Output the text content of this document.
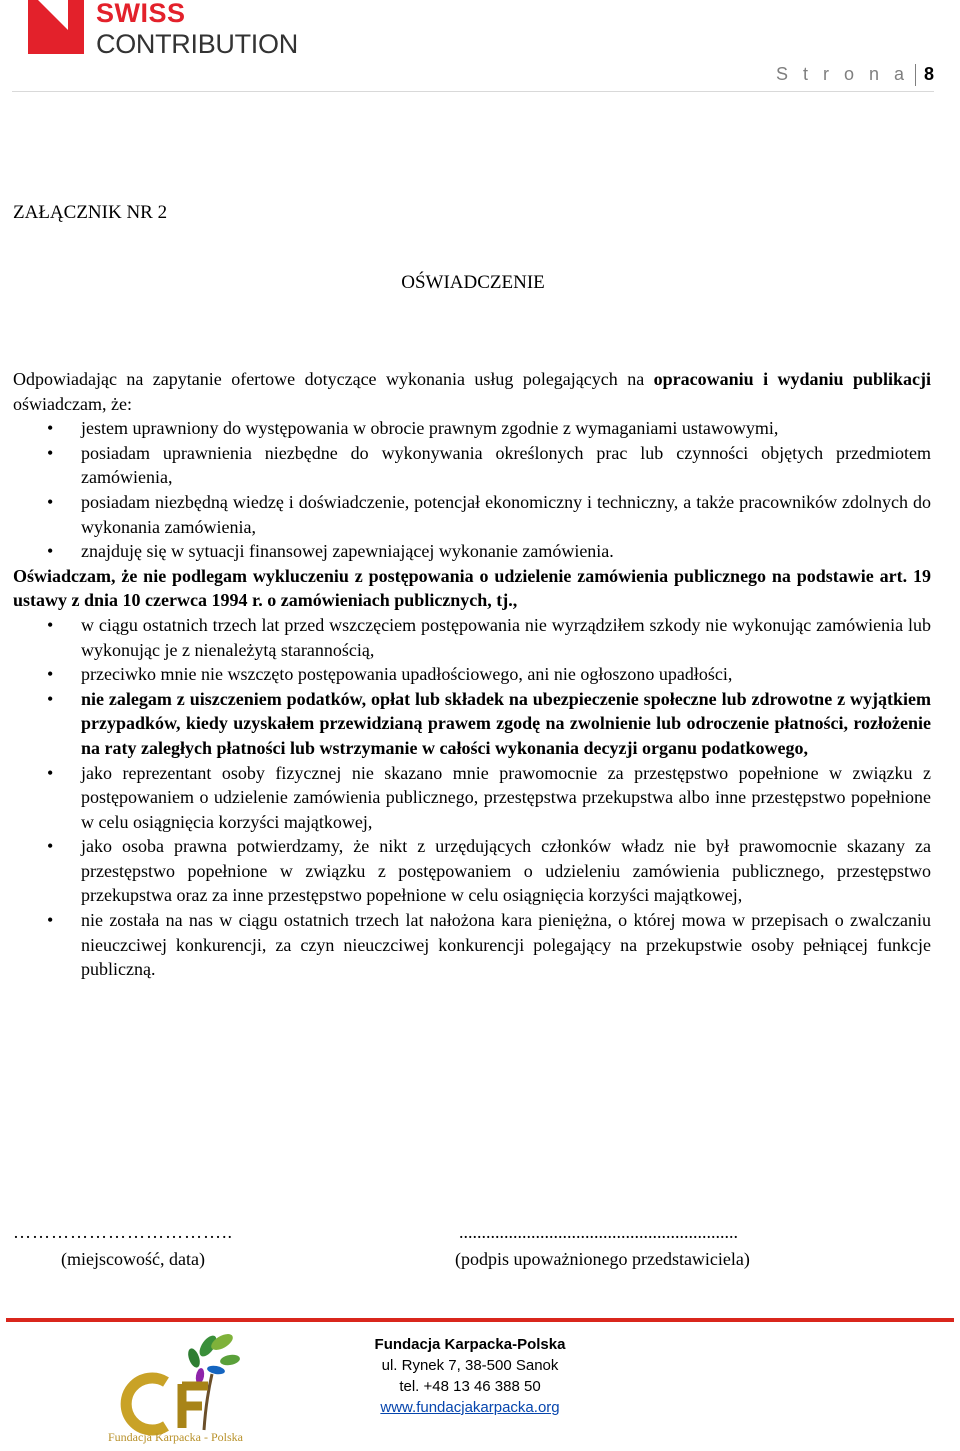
SWISS
CONTRIBUTION
S t r o n a 8
ZAŁĄCZNIK NR 2
OŚWIADCZENIE

Odpowiadając na zapytanie ofertowe dotyczące wykonania usług polegających na opracowaniu i wydaniu publikacji oświadczam, że:

• jestem uprawniony do występowania w obrocie prawnym zgodnie z wymaganiami ustawowymi,
• posiadam uprawnienia niezbędne do wykonywania określonych prac lub czynności objętych przedmiotem zamówienia,
• posiadam niezbędną wiedzę i doświadczenie, potencjał ekonomiczny i techniczny, a także pracowników zdolnych do wykonania zamówienia,
• znajduję się w sytuacji finansowej zapewniającej wykonanie zamówienia.

Oświadczam, że nie podlegam wykluczeniu z postępowania o udzielenie zamówienia publicznego na podstawie art. 19 ustawy z dnia 10 czerwca 1994 r. o zamówieniach publicznych, tj.,

• w ciągu ostatnich trzech lat przed wszczęciem postępowania nie wyrządziłem szkody nie wykonując zamówienia lub wykonując je z nienależytą starannością,
• przeciwko mnie nie wszczęto postępowania upadłościowego, ani nie ogłoszono upadłości,
• nie zalegam z uiszczeniem podatków, opłat lub składek na ubezpieczenie społeczne lub zdrowotne z wyjątkiem przypadków, kiedy uzyskałem przewidzianą prawem zgodę na zwolnienie lub odroczenie płatności, rozłożenie na raty zaległych płatności lub wstrzymanie w całości wykonania decyzji organu podatkowego,
• jako reprezentant osoby fizycznej nie skazano mnie prawomocnie za przestępstwo popełnione w związku z postępowaniem o udzielenie zamówienia publicznego, przestępstwa przekupstwa albo inne przestępstwo popełnione w celu osiągnięcia korzyści majątkowej,
• jako osoba prawna potwierdzamy, że nikt z urzędujących członków władz nie był prawomocnie skazany za przestępstwo popełnione w związku z postępowaniem o udzieleniu zamówienia publicznego, przestępstwo przekupstwa oraz za inne przestępstwo popełnione w celu osiągnięcia korzyści majątkowej,
• nie została na nas w ciągu ostatnich trzech lat nałożona kara pieniężna, o której mowa w przepisach o zwalczaniu nieuczciwej konkurencji, za czyn nieuczciwej konkurencji polegający na przekupstwie osoby pełniącej funkcje publiczną.
……………………………..
(miejscowość, data)
..............................................................
(podpis upoważnionego przedstawiciela)
Fundacja Karpacka - Polska
Fundacja Karpacka-Polska
ul. Rynek 7, 38-500 Sanok
tel. +48 13 46 388 50
www.fundacjakarpacka.org
